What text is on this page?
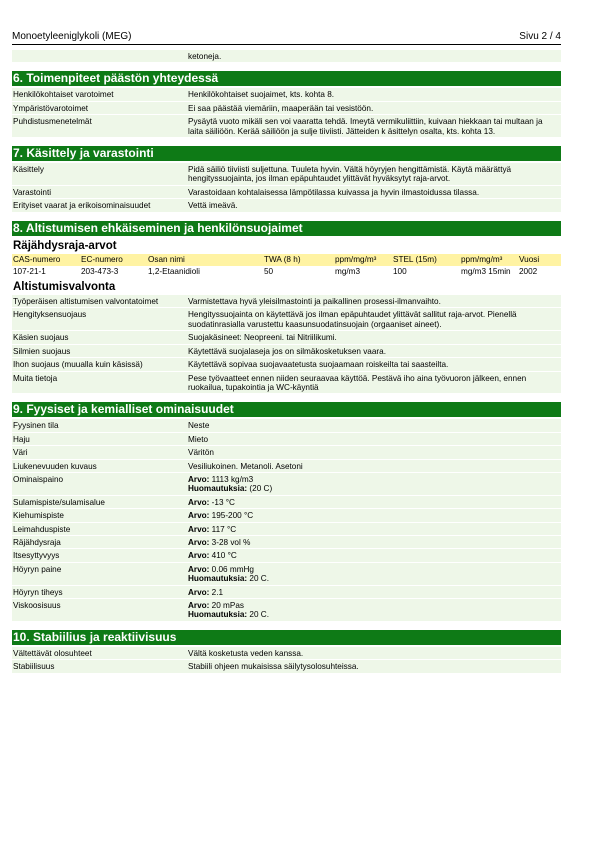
Monoetyleeniglykoli (MEG)	Sivu 2 / 4
ketoneja.
6. Toimenpiteet päästön yhteydessä
Henkilökohtaiset varotoimet	Henkilökohtaiset suojaimet, kts. kohta 8.
Ympäristövarotoimet	Ei saa päästää viemäriin, maaperään tai vesistöön.
Puhdistusmenetelmät	Pysäytä vuoto mikäli sen voi vaaratta tehdä. Imeytä vermikuliittiin, kuivaan hiekkaan tai multaan ja laita säiliöön. Kerää säiliöön ja sulje tiiviisti. Jätteiden k äsittelyn osalta, kts. kohta 13.
7. Käsittely ja varastointi
Käsittely	Pidä säiliö tiiviisti suljettuna. Tuuleta hyvin. Vältä höyryjen hengittämistä. Käytä määrättyä hengityssuojainta, jos ilman epäpuhtaudet ylittävät hyväksytyt raja-arvot.
Varastointi	Varastoidaan kohtalaisessa lämpötilassa kuivassa ja hyvin ilmastoidussa tilassa.
Erityiset vaarat ja erikoisominaisuudet	Vettä imeävä.
8. Altistumisen ehkäiseminen ja henkilönsuojaimet
Räjähdysraja-arvot
CAS-numero	EC-numero	Osan nimi	TWA (8 h)	ppm/mg/m³	STEL (15m)	ppm/mg/m³	Vuosi
107-21-1	203-473-3	1,2-Etaanidioli	50	mg/m3	100	mg/m3 15min	2002
Altistumisvalvonta
Työperäisen altistumisen valvontatoimet	Varmistettava hyvä yleisilmastointi ja paikallinen prosessi-ilmanvaihto.
Hengityksensuojaus	Hengityssuojainta on käytettävä jos ilman epäpuhtaudet ylittävät sallitut raja-arvot. Pienellä suodatinrasialla varustettu kaasunsuodatinsuojain (orgaaniset aineet).
Käsien suojaus	Suojakäsineet: Neopreeni. tai Nitriilikumi.
Silmien suojaus	Käytettävä suojalaseja jos on silmäkosketuksen vaara.
Ihon suojaus (muualla kuin käsissä)	Käytettävä sopivaa suojavaatetusta suojaamaan roiskeilta tai saasteilta.
Muita tietoja	Pese työvaatteet ennen niiden seuraavaa käyttöä. Pestävä iho aina työvuoron jälkeen, ennen ruokailua, tupakointia ja WC-käyntiä
9. Fyysiset ja kemialliset ominaisuudet
Fyysinen tila	Neste
Haju	Mieto
Väri	Väritön
Liukenevuuden kuvaus	Vesiliukoinen. Metanoli. Asetoni
Ominaispaino	Arvo: 1113 kg/m3
Huomautuksia: (20 C)
Sulamispiste/sulamisalue	Arvo: -13 °C
Kiehumispiste	Arvo: 195-200 °C
Leimahduspiste	Arvo: 117 °C
Räjähdysraja	Arvo: 3-28 vol %
Itsesyttyvyys	Arvo: 410 °C
Höyryn paine	Arvo: 0.06 mmHg
Huomautuksia: 20 C.
Höyryn tiheys	Arvo: 2.1
Viskoosisuus	Arvo: 20 mPas
Huomautuksia: 20 C.
10. Stabiilius ja reaktiivisuus
Vältettävät olosuhteet	Vältä kosketusta veden kanssa.
Stabiilisuus	Stabiili ohjeen mukaisissa säilytysolosuhteissa.
